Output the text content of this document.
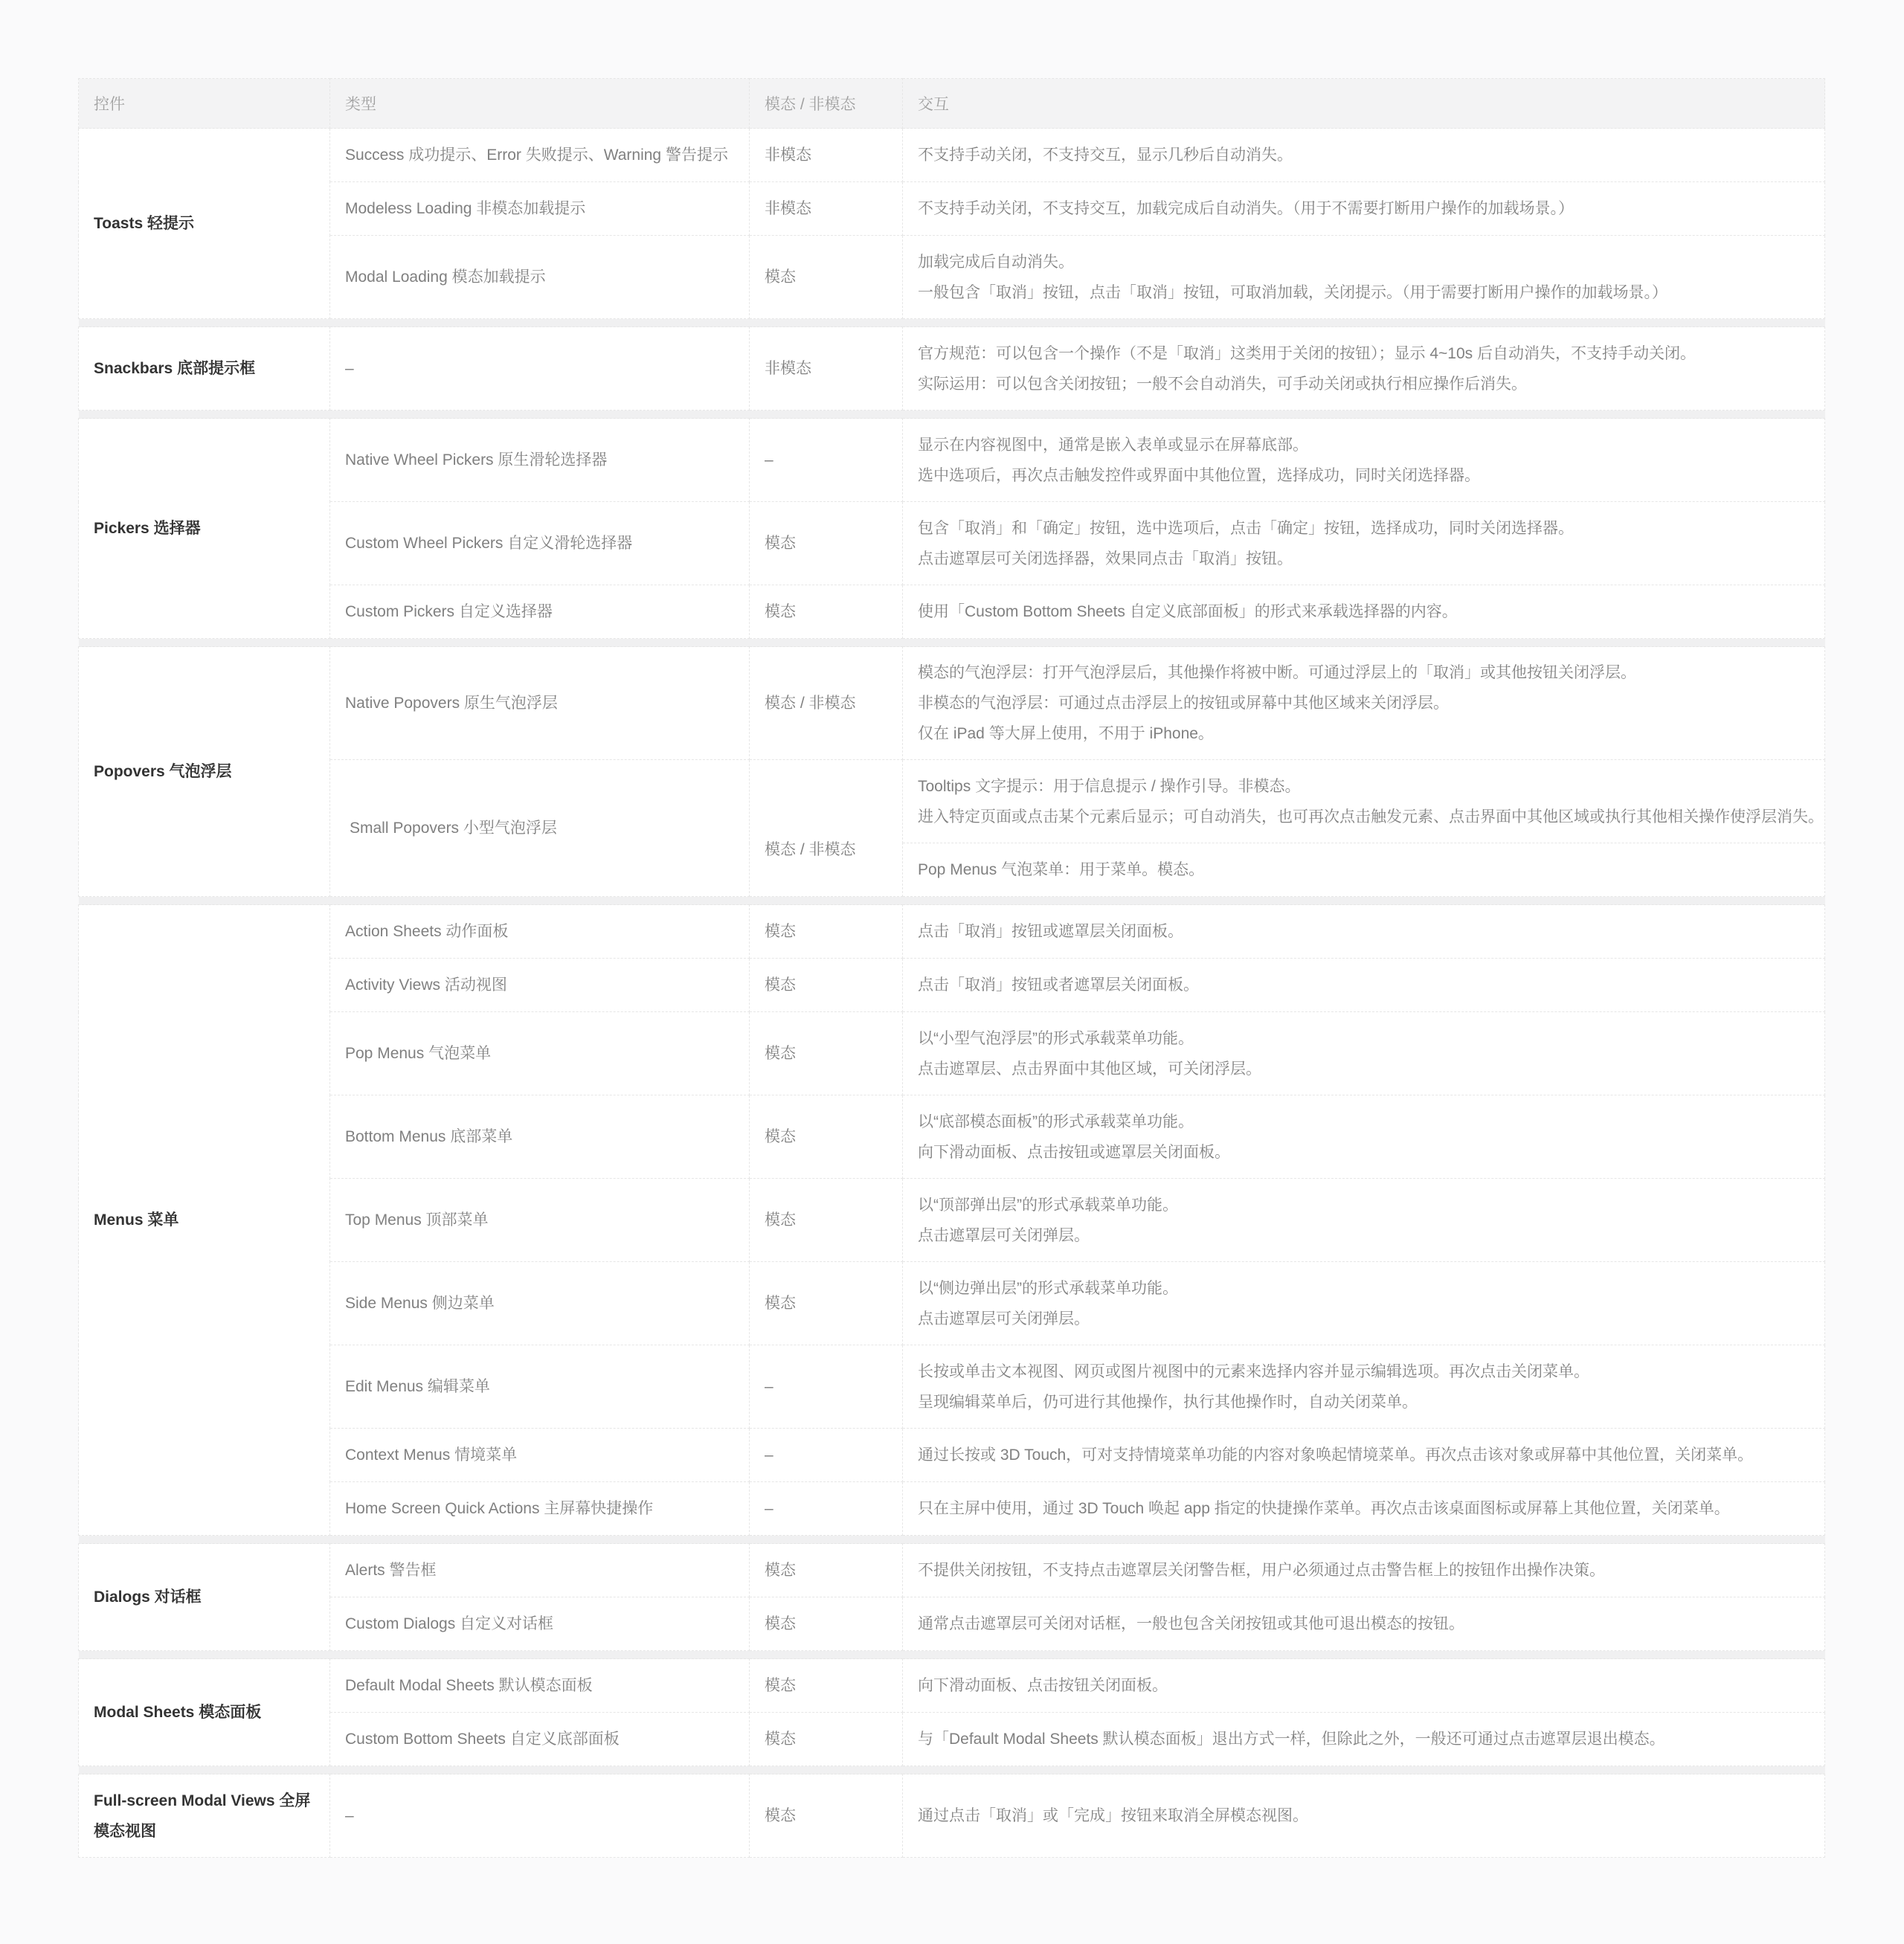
控件	类型	模态 / 非模态	交互
Toasts 轻提示	Success 成功提示、Error 失败提示、Warning 警告提示	非模态	不支持手动关闭，不支持交互，显示几秒后自动消失。

	Modeless Loading 非模态加载提示	非模态	不支持手动关闭，不支持交互，加载完成后自动消失。（用于不需要打断用户操作的加载场景。）

	Modal Loading 模态加载提示	模态	加载完成后自动消失。
一般包含「取消」按钮，点击「取消」按钮，可取消加载，关闭提示。（用于需要打断用户操作的加载场景。）

Snackbars 底部提示框	–	非模态	官方规范：可以包含一个操作（不是「取消」这类用于关闭的按钮）；显示 4~10s 后自动消失，不支持手动关闭。
实际运用：可以包含关闭按钮；一般不会自动消失，可手动关闭或执行相应操作后消失。

Pickers 选择器	Native Wheel Pickers 原生滑轮选择器	–	显示在内容视图中，通常是嵌入表单或显示在屏幕底部。
选中选项后，再次点击触发控件或界面中其他位置，选择成功，同时关闭选择器。

	Custom Wheel Pickers 自定义滑轮选择器	模态	包含「取消」和「确定」按钮，选中选项后，点击「确定」按钮，选择成功，同时关闭选择器。
点击遮罩层可关闭选择器，效果同点击「取消」按钮。

	Custom Pickers 自定义选择器	模态	使用「Custom Bottom Sheets 自定义底部面板」的形式来承载选择器的内容。

Popovers 气泡浮层	Native Popovers 原生气泡浮层	模态 / 非模态	模态的气泡浮层：打开气泡浮层后，其他操作将被中断。可通过浮层上的「取消」或其他按钮关闭浮层。
非模态的气泡浮层：可通过点击浮层上的按钮或屏幕中其他区域来关闭浮层。
仅在 iPad 等大屏上使用，不用于 iPhone。

	Small Popovers 小型气泡浮层	模态 / 非模态	Tooltips 文字提示：用于信息提示 / 操作引导。非模态。
进入特定页面或点击某个元素后显示；可自动消失，也可再次点击触发元素、点击界面中其他区域或执行其他相关操作使浮层消失。

			Pop Menus 气泡菜单：用于菜单。模态。

Menus 菜单	Action Sheets 动作面板	模态	点击「取消」按钮或遮罩层关闭面板。

	Activity Views 活动视图	模态	点击「取消」按钮或者遮罩层关闭面板。

	Pop Menus 气泡菜单	模态	以“小型气泡浮层”的形式承载菜单功能。
点击遮罩层、点击界面中其他区域，可关闭浮层。

	Bottom Menus 底部菜单	模态	以“底部模态面板”的形式承载菜单功能。
向下滑动面板、点击按钮或遮罩层关闭面板。

	Top Menus 顶部菜单	模态	以“顶部弹出层”的形式承载菜单功能。
点击遮罩层可关闭弹层。

	Side Menus 侧边菜单	模态	以“侧边弹出层”的形式承载菜单功能。
点击遮罩层可关闭弹层。

	Edit Menus 编辑菜单	–	长按或单击文本视图、网页或图片视图中的元素来选择内容并显示编辑选项。再次点击关闭菜单。
呈现编辑菜单后，仍可进行其他操作，执行其他操作时，自动关闭菜单。

	Context Menus 情境菜单	–	通过长按或 3D Touch，可对支持情境菜单功能的内容对象唤起情境菜单。再次点击该对象或屏幕中其他位置，关闭菜单。

	Home Screen Quick Actions 主屏幕快捷操作	–	只在主屏中使用，通过 3D Touch 唤起 app 指定的快捷操作菜单。再次点击该桌面图标或屏幕上其他位置，关闭菜单。

Dialogs 对话框	Alerts 警告框	模态	不提供关闭按钮，不支持点击遮罩层关闭警告框，用户必须通过点击警告框上的按钮作出操作决策。

	Custom Dialogs 自定义对话框	模态	通常点击遮罩层可关闭对话框，一般也包含关闭按钮或其他可退出模态的按钮。

Modal Sheets 模态面板	Default Modal Sheets 默认模态面板	模态	向下滑动面板、点击按钮关闭面板。

	Custom Bottom Sheets 自定义底部面板	模态	与「Default Modal Sheets 默认模态面板」退出方式一样，但除此之外，一般还可通过点击遮罩层退出模态。

Full-screen Modal Views 全屏模态视图	–	模态	通过点击「取消」或「完成」按钮来取消全屏模态视图。
